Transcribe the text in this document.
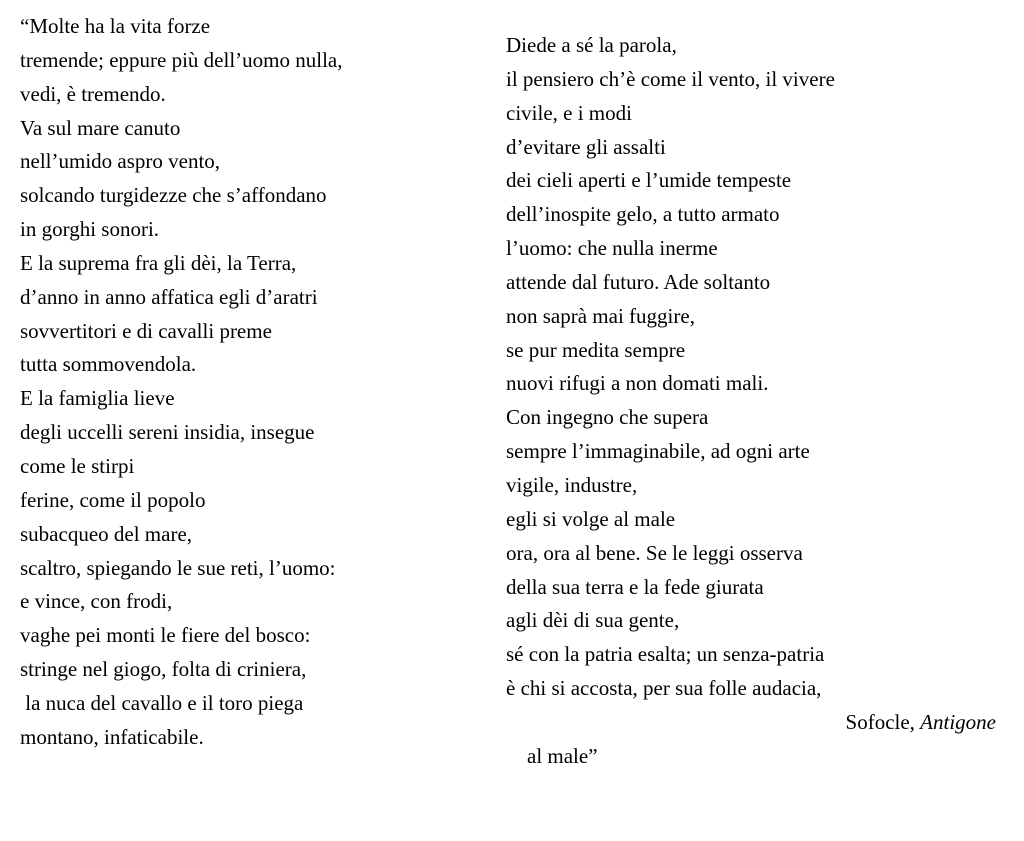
“Molte ha la vita forze
tremende; eppure più dell’uomo nulla,
vedi, è tremendo.
Va sul mare canuto
nell’umido aspro vento,
solcando turgidezze che s’affondano
in gorghi sonori.
E la suprema fra gli dèi, la Terra,
d’anno in anno affatica egli d’aratri
sovvertitori e di cavalli preme
tutta sommovendola.
E la famiglia lieve
degli uccelli sereni insidia, insegue
come le stirpi
ferine, come il popolo
subacqueo del mare,
scaltro, spiegando le sue reti, l’uomo:
e vince, con frodi,
vaghe pei monti le fiere del bosco:
stringe nel giogo, folta di criniera,
la nuca del cavallo e il toro piega
montano, infaticabile.
Diede a sé la parola,
il pensiero ch’è come il vento, il vivere
civile, e i modi
d’evitare gli assalti
dei cieli aperti e l’umide tempeste
dell’inospite gelo, a tutto armato
l’uomo: che nulla inerme
attende dal futuro. Ade soltanto
non saprà mai fuggire,
se pur medita sempre
nuovi rifugi a non domati mali.
Con ingegno che supera
sempre l’immaginabile, ad ogni arte
vigile, industre,
egli si volge al male
ora, ora al bene. Se le leggi osserva
della sua terra e la fede giurata
agli dèi di sua gente,
sé con la patria esalta; un senza-patria
è chi si accosta, per sua folle audacia,

al male”

Sofocle, Antigone
